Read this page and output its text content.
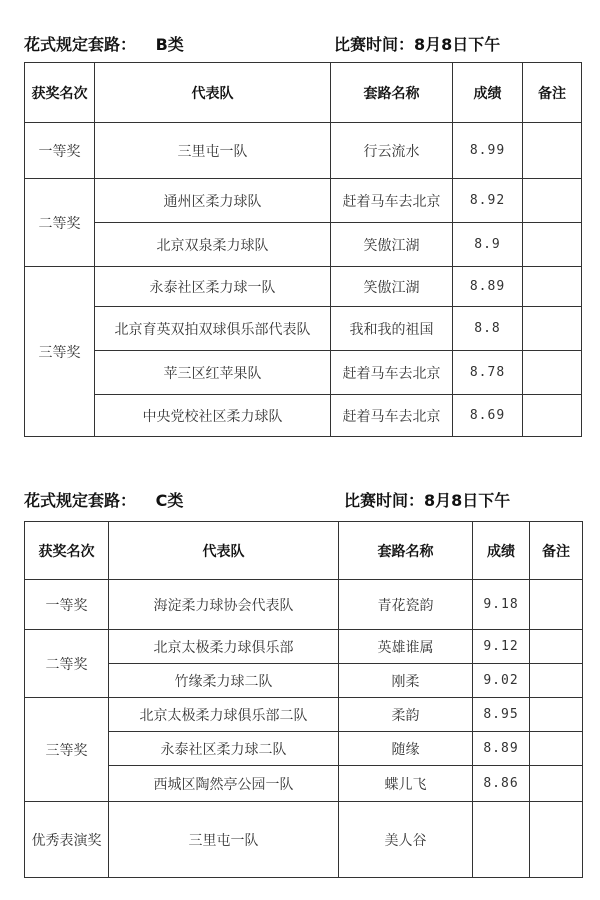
花式规定套路： B类	比赛时间：8月8日下午
获奖名次	代表队	套路名称	成绩	备注
一等奖	三里屯一队	行云流水	8.99	
二等奖	通州区柔力球队	赶着马车去北京	8.92	
	北京双泉柔力球队	笑傲江湖	8.9	
三等奖	永泰社区柔力球一队	笑傲江湖	8.89	
	北京育英双拍双球俱乐部代表队	我和我的祖国	8.8	
	苹三区红苹果队	赶着马车去北京	8.78	
	中央党校社区柔力球队	赶着马车去北京	8.69	
花式规定套路： C类	比赛时间：8月8日下午
获奖名次	代表队	套路名称	成绩	备注
一等奖	海淀柔力球协会代表队	青花瓷韵	9.18	
二等奖	北京太极柔力球俱乐部	英雄谁属	9.12	
	竹缘柔力球二队	刚柔	9.02	
三等奖	北京太极柔力球俱乐部二队	柔韵	8.95	
	永泰社区柔力球二队	随缘	8.89	
	西城区陶然亭公园一队	蝶儿飞	8.86	
优秀表演奖	三里屯一队	美人谷		
